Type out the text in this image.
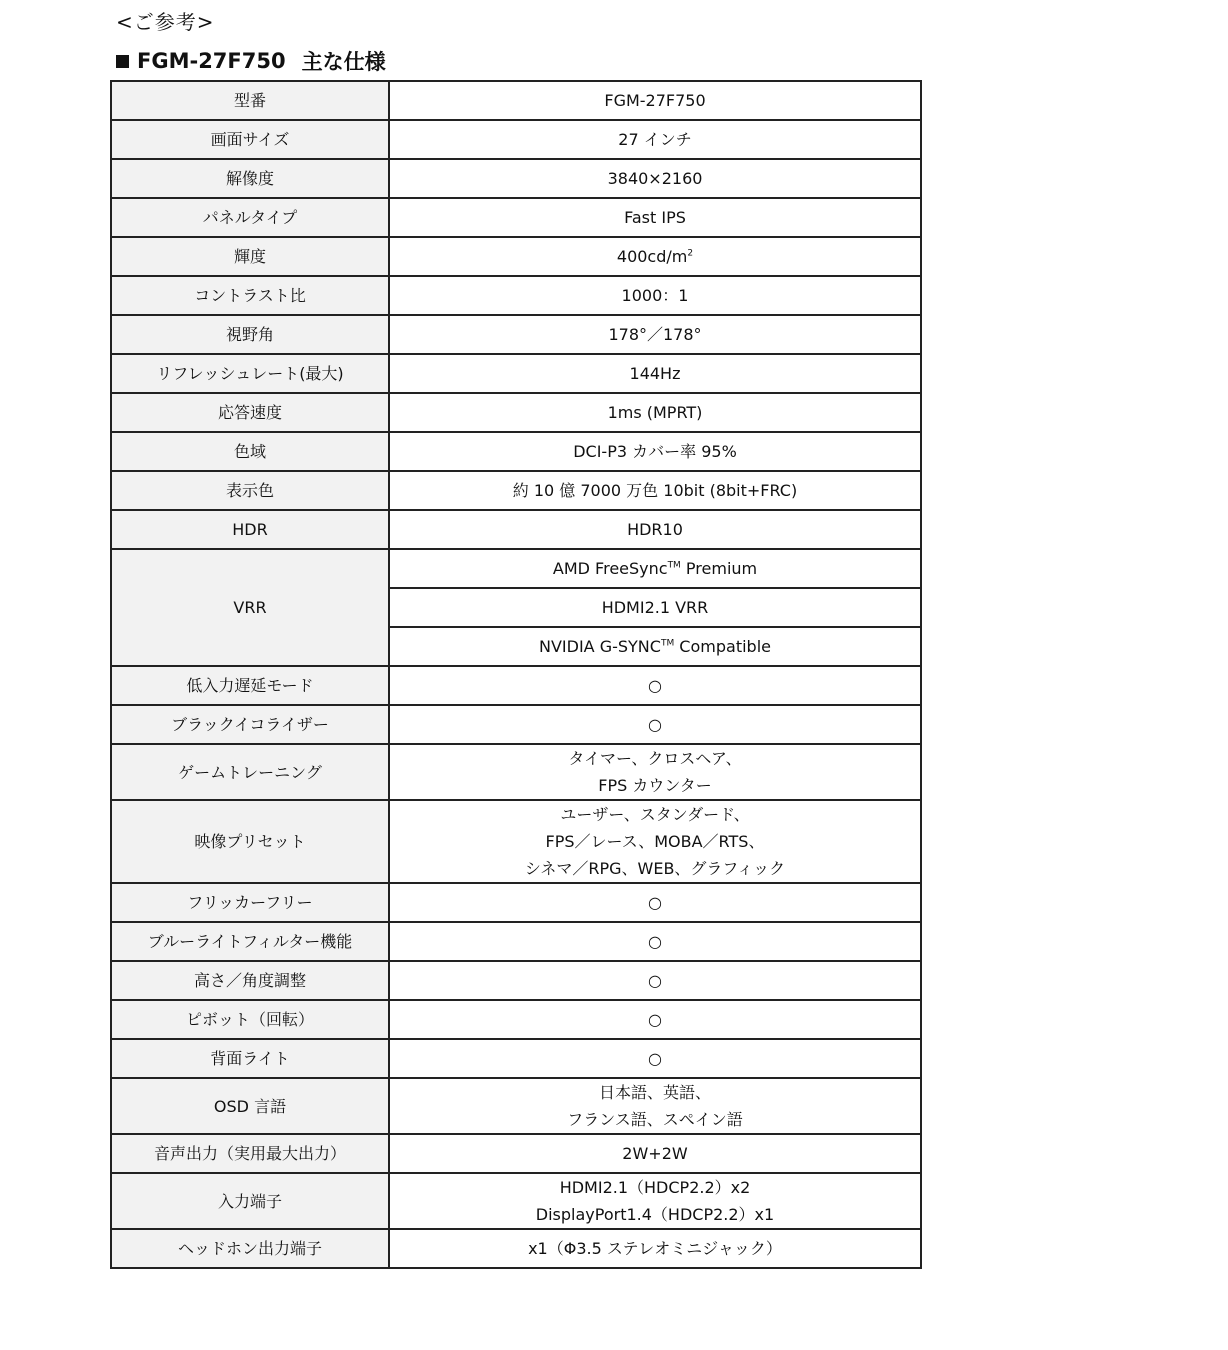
<ご参考>
FGM-27F750 主な仕様
型番	FGM-27F750
画面サイズ	27 インチ
解像度	3840×2160
パネルタイプ	Fast IPS
輝度	$400cd/m^2$
コントラスト比	1000：1
視野角	178°／178°
リフレッシュレート(最大)	144Hz
応答速度	1ms (MPRT)
色域	DCI-P3 カバー率 95%
表示色	約 10 億 7000 万色 10bit (8bit+FRC)
HDR	HDR10
VRR	AMD FreeSync™ Premium
	HDMI2.1 VRR
	NVIDIA G-SYNC™ Compatible
低入力遅延モード	○
ブラックイコライザー	○
ゲームトレーニング	タイマー、クロスヘア、
FPS カウンター

映像プリセット	ユーザー、スタンダード、
FPS／レース、MOBA／RTS、
シネマ／RPG、WEB、グラフィック

フリッカーフリー	○
ブルーライトフィルター機能	○
高さ／角度調整	○
ピボット（回転）	○
背面ライト	○
OSD 言語	日本語、英語、
フランス語、スペイン語

音声出力（実用最大出力）	2W+2W
入力端子	HDMI2.1（HDCP2.2）x2
DisplayPort1.4（HDCP2.2）x1

ヘッドホン出力端子	x1（Φ3.5 ステレオミニジャック）
